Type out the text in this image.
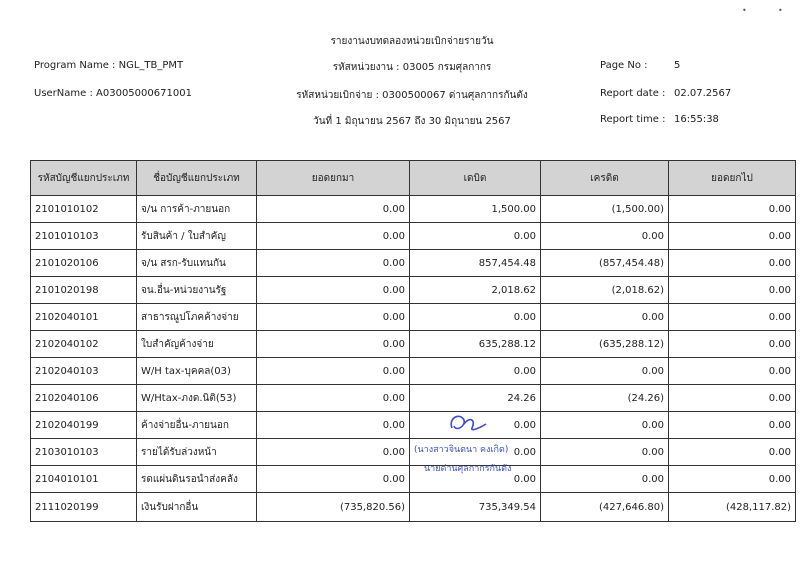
•	•
รายงานงบทดลองหน่วยเบิกจ่ายรายวัน
Program Name : NGL_TB_PMT	รหัสหน่วยงาน : 03005 กรมศุลกากร	Page No :	5
UserName : A03005000671001	รหัสหน่วยเบิกจ่าย : 0300500067 ด่านศุลกากรกันตัง	Report date : 02.07.2567
วันที่ 1 มิถุนายน 2567 ถึง 30 มิถุนายน 2567	Report time : 16:55:38
รหัสบัญชีแยกประเภท	ชื่อบัญชีแยกประเภท	ยอดยกมา	เดบิต	เครดิต	ยอดยกไป
2101010102	จ/น การค้า-ภายนอก	0.00	1,500.00	(1,500.00)	0.00
2101010103	รับสินค้า / ใบสำคัญ	0.00	0.00	0.00	0.00
2101020106	จ/น สรก-รับแทนกัน	0.00	857,454.48	(857,454.48)	0.00
2101020198	จน.อื่น-หน่วยงานรัฐ	0.00	2,018.62	(2,018.62)	0.00
2102040101	สาธารณูปโภคค้างจ่าย	0.00	0.00	0.00	0.00
2102040102	ใบสำคัญค้างจ่าย	0.00	635,288.12	(635,288.12)	0.00
2102040103	W/H tax-บุคคล(03)	0.00	0.00	0.00	0.00
2102040106	W/Htax-ภงด.นิติ(53)	0.00	24.26	(24.26)	0.00
2102040199	ค้างจ่ายอื่น-ภายนอก	0.00	0.00	0.00	0.00
2103010103	รายได้รับล่วงหน้า	0.00	0.00	0.00	0.00
2104010101	รดแผ่นดินรอนำส่งคลัง	0.00	0.00	0.00	0.00
2111020199	เงินรับฝากอื่น	(735,820.56)	735,349.54	(427,646.80)	(428,117.82)
(นางสาวจินตนา คงเกิด)
นายด่านศุลกากรกันตัง
